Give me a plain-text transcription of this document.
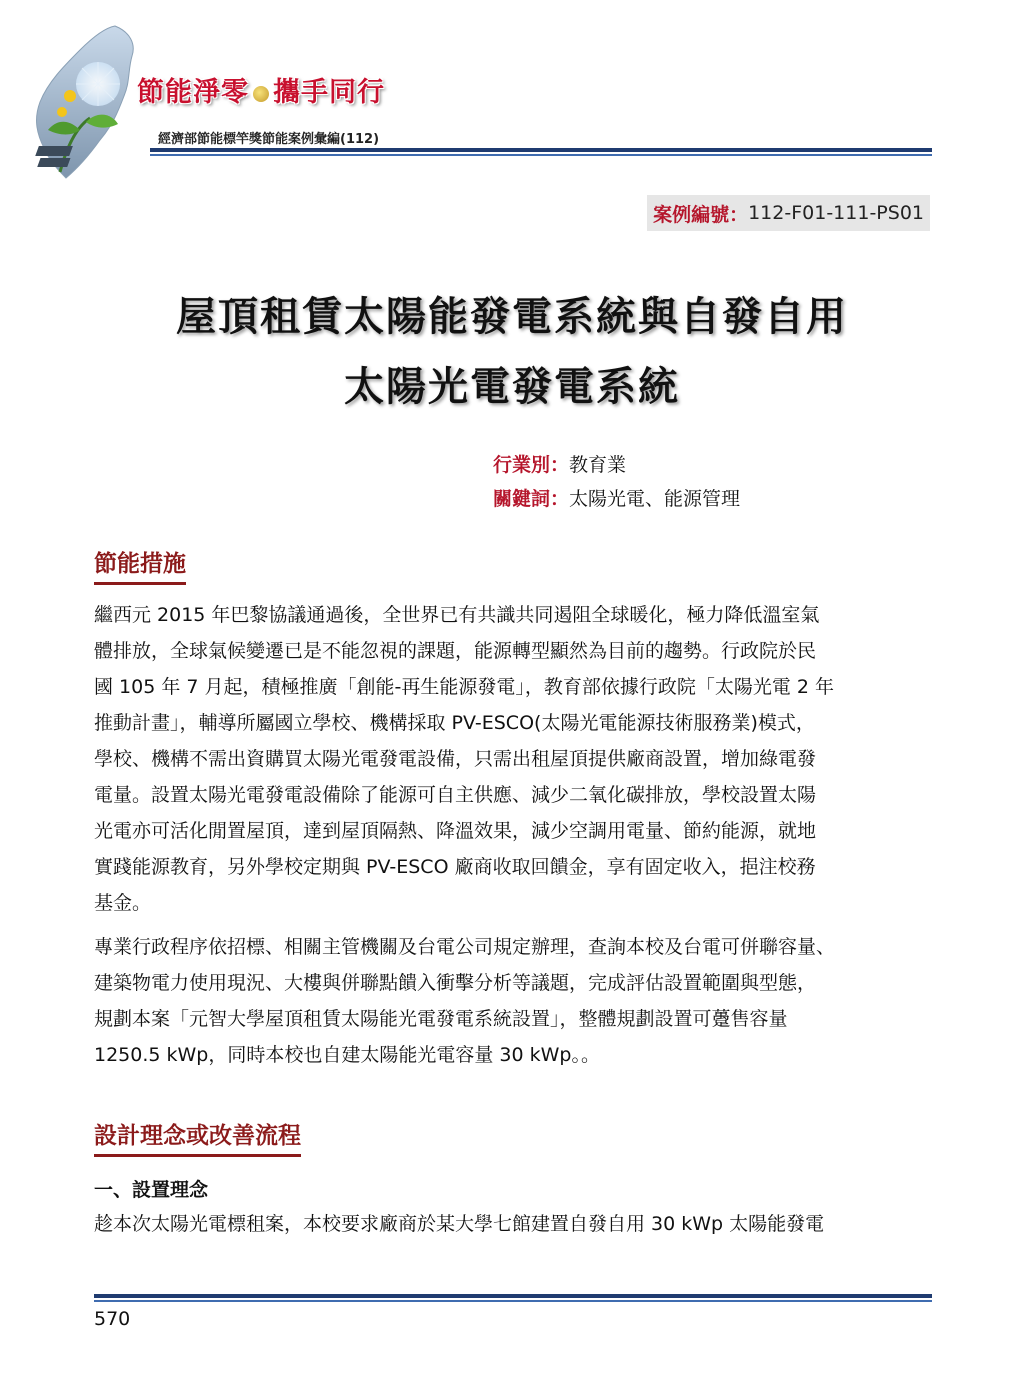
節能淨零 攜手同行
經濟部節能標竿獎節能案例彙編(112)
案例編號： 112-F01-111-PS01
屋頂租賃太陽能發電系統與自發自用
太陽光電發電系統
行業別：教育業
關鍵詞：太陽光電、能源管理
節能措施
繼西元 2015 年巴黎協議通過後，全世界已有共識共同遏阻全球暖化，極力降低溫室氣
體排放，全球氣候變遷已是不能忽視的課題，能源轉型顯然為目前的趨勢。行政院於民
國 105 年 7 月起，積極推廣「創能-再生能源發電」，教育部依據行政院「太陽光電 2 年
推動計畫」，輔導所屬國立學校、機構採取 PV-ESCO(太陽光電能源技術服務業)模式，
學校、機構不需出資購買太陽光電發電設備，只需出租屋頂提供廠商設置，增加綠電發
電量。設置太陽光電發電設備除了能源可自主供應、減少二氧化碳排放，學校設置太陽
光電亦可活化閒置屋頂，達到屋頂隔熱、降溫效果，減少空調用電量、節約能源，就地
實踐能源教育，另外學校定期與 PV-ESCO 廠商收取回饋金，享有固定收入，挹注校務
基金。
專業行政程序依招標、相關主管機關及台電公司規定辦理，查詢本校及台電可併聯容量、
建築物電力使用現況、大樓與併聯點饋入衝擊分析等議題，完成評估設置範圍與型態，
規劃本案「元智大學屋頂租賃太陽能光電發電系統設置」，整體規劃設置可躉售容量
1250.5 kWp，同時本校也自建太陽能光電容量 30 kWp。。
設計理念或改善流程
一、設置理念
趁本次太陽光電標租案，本校要求廠商於某大學七館建置自發自用 30 kWp 太陽能發電
570
